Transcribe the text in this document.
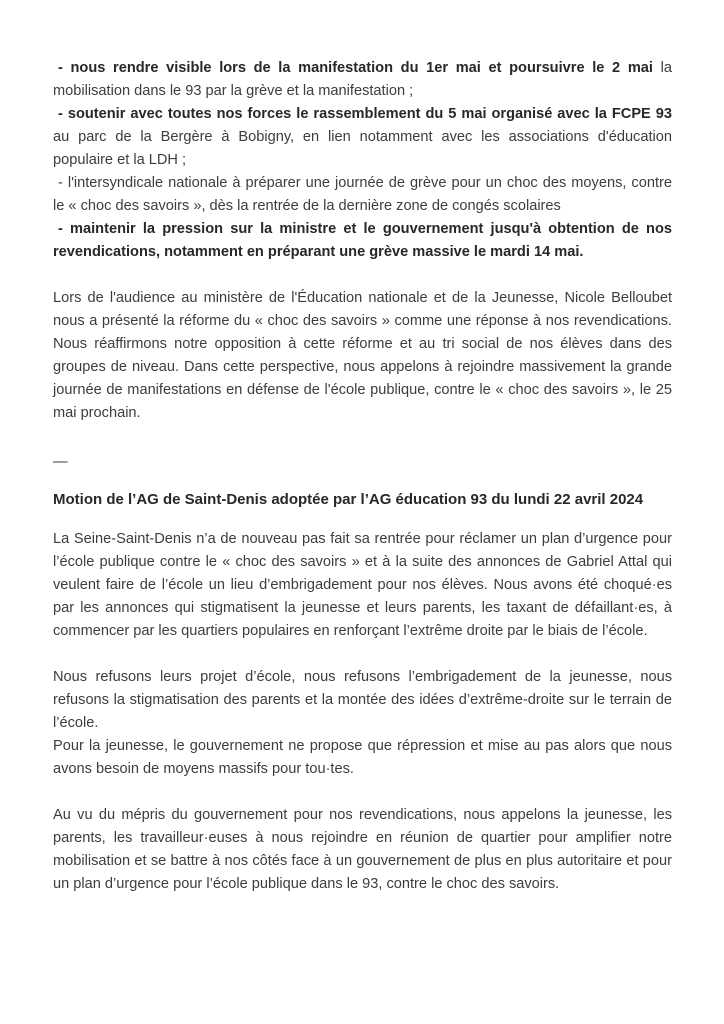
- nous rendre visible lors de la manifestation du 1er mai et poursuivre le 2 mai la mobilisation dans le 93 par la grève et la manifestation ;

- soutenir avec toutes nos forces le rassemblement du 5 mai organisé avec la FCPE 93 au parc de la Bergère à Bobigny, en lien notamment avec les associations d'éducation populaire et la LDH ;

- l'intersyndicale nationale à préparer une journée de grève pour un choc des moyens, contre le « choc des savoirs », dès la rentrée de la dernière zone de congés scolaires

- maintenir la pression sur la ministre et le gouvernement jusqu'à obtention de nos revendications, notamment en préparant une grève massive le mardi 14 mai.

Lors de l'audience au ministère de l'Éducation nationale et de la Jeunesse, Nicole Belloubet nous a présenté la réforme du « choc des savoirs » comme une réponse à nos revendications. Nous réaffirmons notre opposition à cette réforme et au tri social de nos élèves dans des groupes de niveau. Dans cette perspective, nous appelons à rejoindre massivement la grande journée de manifestations en défense de l'école publique, contre le « choc des savoirs », le 25 mai prochain.

—

Motion de l’AG de Saint-Denis adoptée par l’AG éducation 93 du lundi 22 avril 2024

La Seine-Saint-Denis n’a de nouveau pas fait sa rentrée pour réclamer un plan d’urgence pour l’école publique contre le « choc des savoirs » et à la suite des annonces de Gabriel Attal qui veulent faire de l’école un lieu d’embrigadement pour nos élèves. Nous avons été choqué·es par les annonces qui stigmatisent la jeunesse et leurs parents, les taxant de défaillant·es, à commencer par les quartiers populaires en renforçant l’extrême droite par le biais de l’école.

Nous refusons leurs projet d’école, nous refusons l’embrigadement de la jeunesse, nous refusons la stigmatisation des parents et la montée des idées d’extrême-droite sur le terrain de l’école.
Pour la jeunesse, le gouvernement ne propose que répression et mise au pas alors que nous avons besoin de moyens massifs pour tou·tes.

Au vu du mépris du gouvernement pour nos revendications, nous appelons la jeunesse, les parents, les travailleur·euses à nous rejoindre en réunion de quartier pour amplifier notre mobilisation et se battre à nos côtés face à un gouvernement de plus en plus autoritaire et pour un plan d’urgence pour l’école publique dans le 93, contre le choc des savoirs.
